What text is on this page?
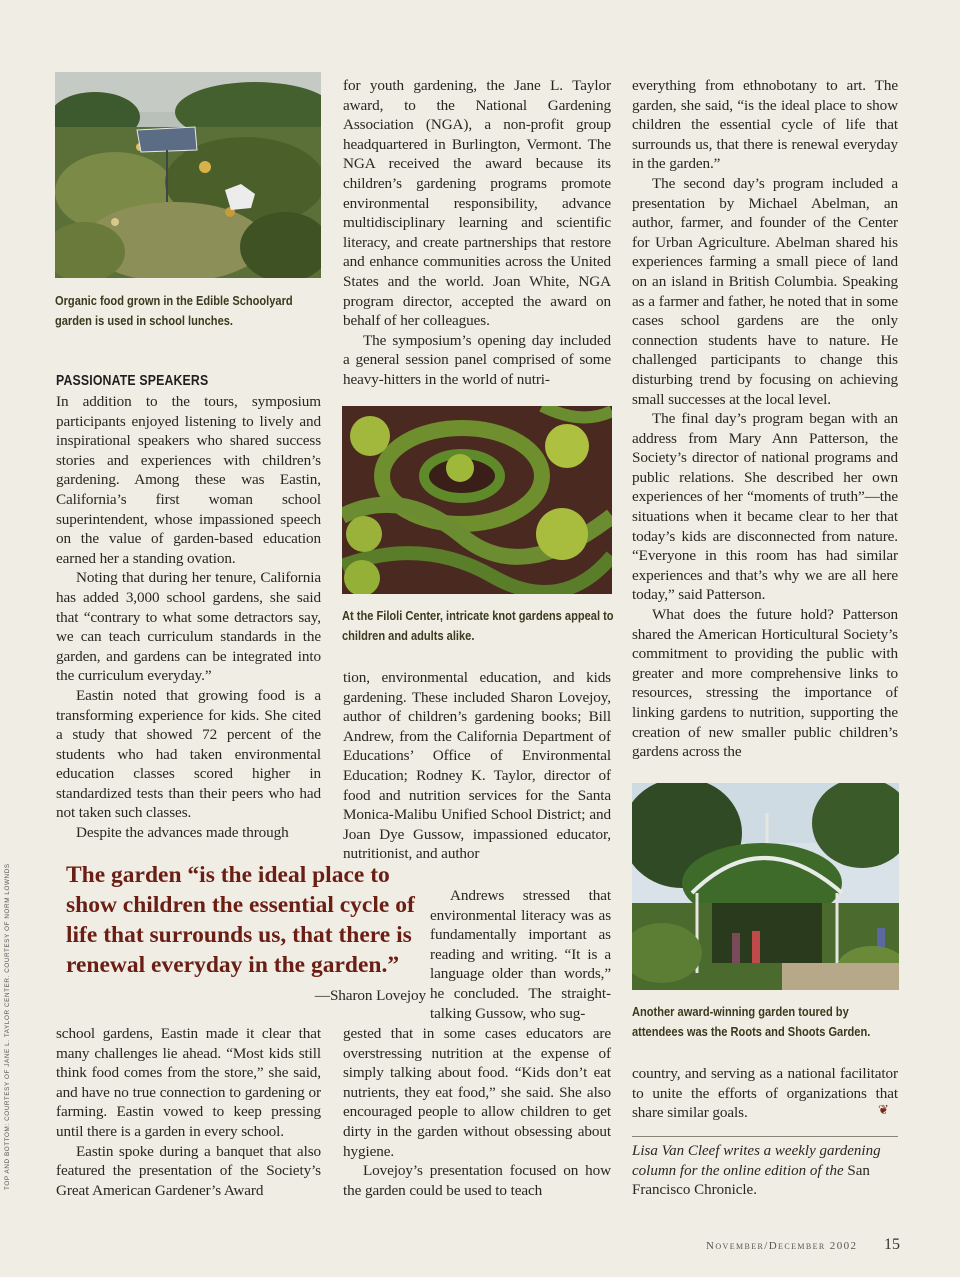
TOP AND BOTTOM: COURTESY OF JANE L. TAYLOR CENTER. COURTESY OF NORM LOWNDS
Organic food grown in the Edible Schoolyard garden is used in school lunches.
PASSIONATE SPEAKERS

In addition to the tours, symposium participants enjoyed listening to lively and inspirational speakers who shared success stories and experiences with children’s gardening. Among these was Eastin, California’s first woman school superintendent, whose impassioned speech on the value of garden-based education earned her a standing ovation.

Noting that during her tenure, California has added 3,000 school gardens, she said that “contrary to what some detractors say, we can teach curriculum standards in the garden, and gardens can be integrated into the curriculum everyday.”

Eastin noted that growing food is a transforming experience for kids. She cited a study that showed 72 percent of the students who had taken environmental education classes scored higher in standardized tests than their peers who had not taken such classes.

Despite the advances made through

The garden “is the ideal place to show children the essential cycle of life that surrounds us, that there is renewal everyday in the garden.”
—Sharon Lovejoy

school gardens, Eastin made it clear that many challenges lie ahead. “Most kids still think food comes from the store,” she said, and have no true connection to gardening or farming. Eastin vowed to keep pressing until there is a garden in every school.

Eastin spoke during a banquet that also featured the presentation of the Society’s Great American Gardener’s Award

for youth gardening, the Jane L. Taylor award, to the National Gardening Association (NGA), a non-profit group headquartered in Burlington, Vermont. The NGA received the award because its children’s gardening programs promote environmental responsibility, advance multidisciplinary learning and scientific literacy, and create partnerships that restore and enhance communities across the United States and the world. Joan White, NGA program director, accepted the award on behalf of her colleagues.

The symposium’s opening day included a general session panel comprised of some heavy-hitters in the world of nutri-

At the Filoli Center, intricate knot gardens appeal to children and adults alike.

tion, environmental education, and kids gardening. These included Sharon Lovejoy, author of children’s gardening books; Bill Andrew, from the California Department of Educations’ Office of Environmental Education; Rodney K. Taylor, director of food and nutrition services for the Santa Monica-Malibu Unified School District; and Joan Dye Gussow, impassioned educator, nutritionist, and author

Andrews stressed that environmental literacy was as fundamentally important as reading and writing. “It is a language older than words,” he concluded. The straight-talking Gussow, who sug-

gested that in some cases educators are overstressing nutrition at the expense of simply talking about food. “Kids don’t eat nutrients, they eat food,” she said. She also encouraged people to allow children to get dirty in the garden without obsessing about hygiene.

Lovejoy’s presentation focused on how the garden could be used to teach

everything from ethnobotany to art. The garden, she said, “is the ideal place to show children the essential cycle of life that surrounds us, that there is renewal everyday in the garden.”

The second day’s program included a presentation by Michael Abelman, an author, farmer, and founder of the Center for Urban Agriculture. Abelman shared his experiences farming a small piece of land on an island in British Columbia. Speaking as a farmer and father, he noted that in some cases school gardens are the only connection students have to nature. He challenged participants to change this disturbing trend by focusing on achieving small successes at the local level.

The final day’s program began with an address from Mary Ann Patterson, the Society’s director of national programs and public relations. She described her own experiences of her “moments of truth”—the situations when it became clear to her that today’s kids are disconnected from nature. “Everyone in this room has had similar experiences and that’s why we are all here today,” said Patterson.

What does the future hold? Patterson shared the American Horticultural Society’s commitment to providing the public with greater and more comprehensive links to resources, stressing the importance of linking gardens to nutrition, supporting the creation of new smaller public children’s gardens across the

Another award-winning garden toured by attendees was the Roots and Shoots Garden.

country, and serving as a national facilitator to unite the efforts of organizations that share similar goals.	❦
Lisa Van Cleef writes a weekly gardening column for the online edition of the San Francisco Chronicle.
November/December 2002 15
